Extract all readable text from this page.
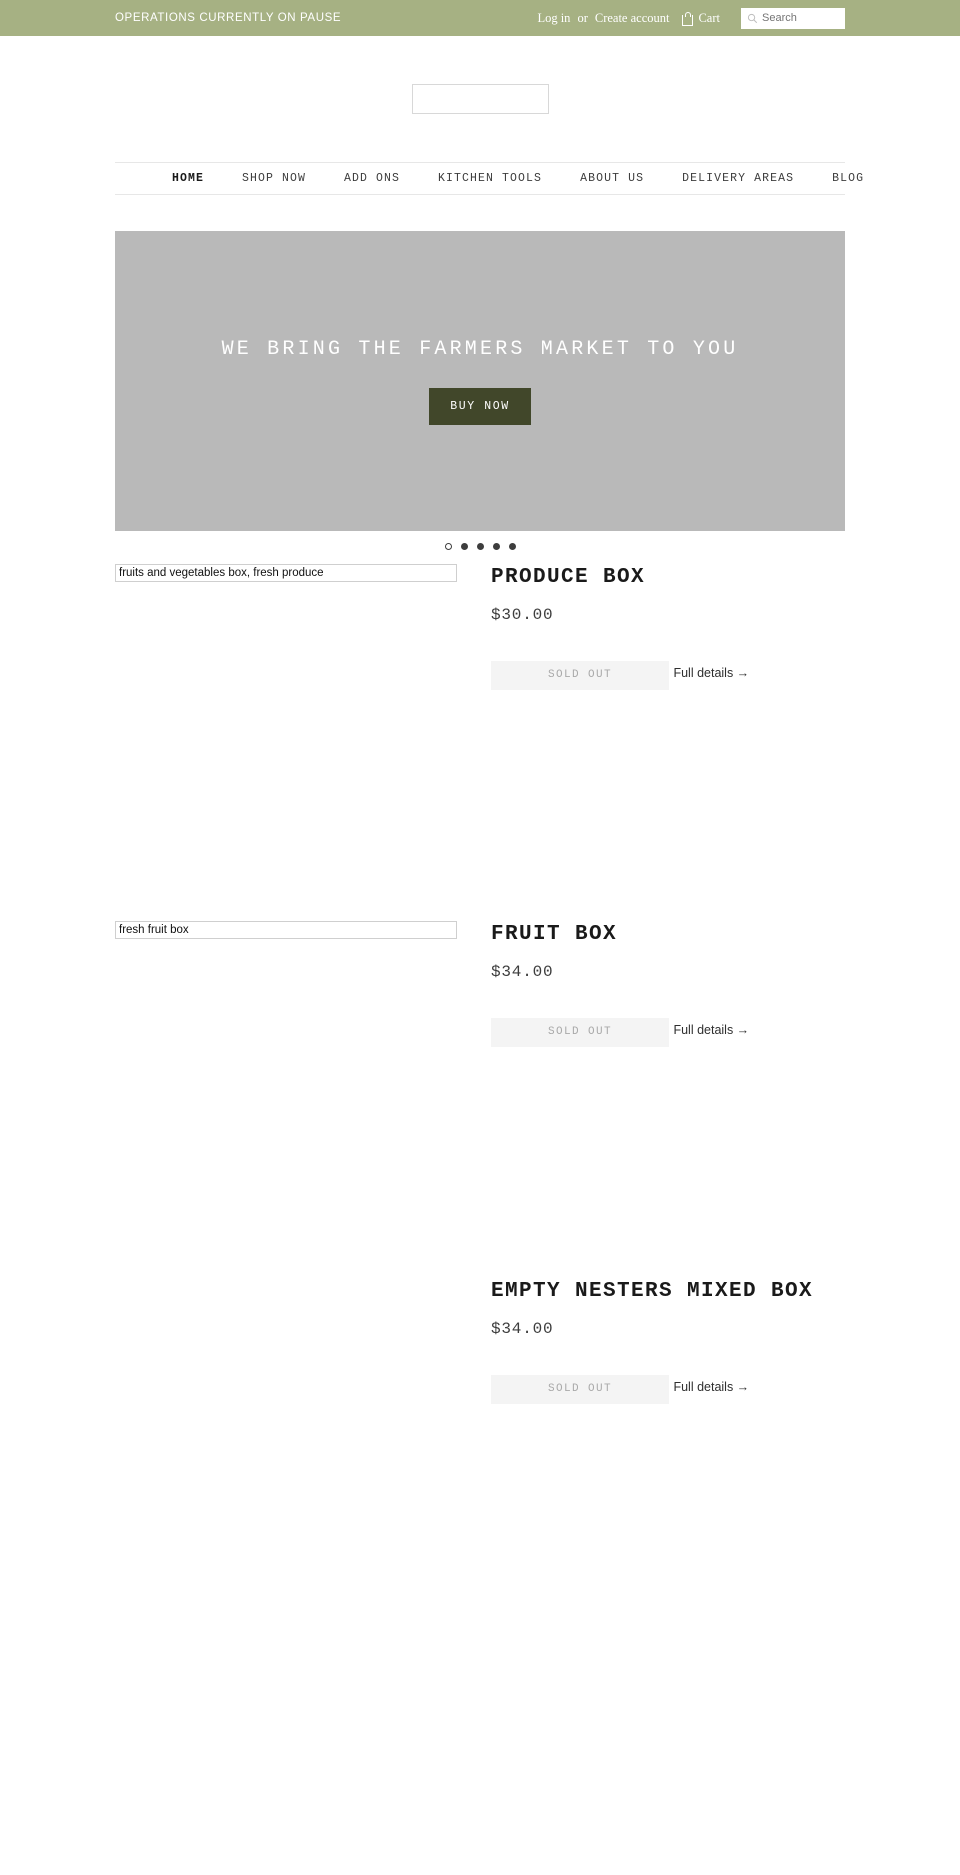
OPERATIONS CURRENTLY ON PAUSE	Log in or Create account Cart
Search
HOME	SHOP NOW	ADD ONS	KITCHEN TOOLS	ABOUT US	DELIVERY AREAS	BLOG
WE BRING THE FARMERS MARKET TO YOU
BUY NOW
fruits and vegetables box, fresh produce	PRODUCE BOX
$30.00
SOLD OUT	Full details →
fresh fruit box	FRUIT BOX
$34.00
SOLD OUT	Full details →
EMPTY NESTERS MIXED BOX
$34.00
SOLD OUT	Full details →
